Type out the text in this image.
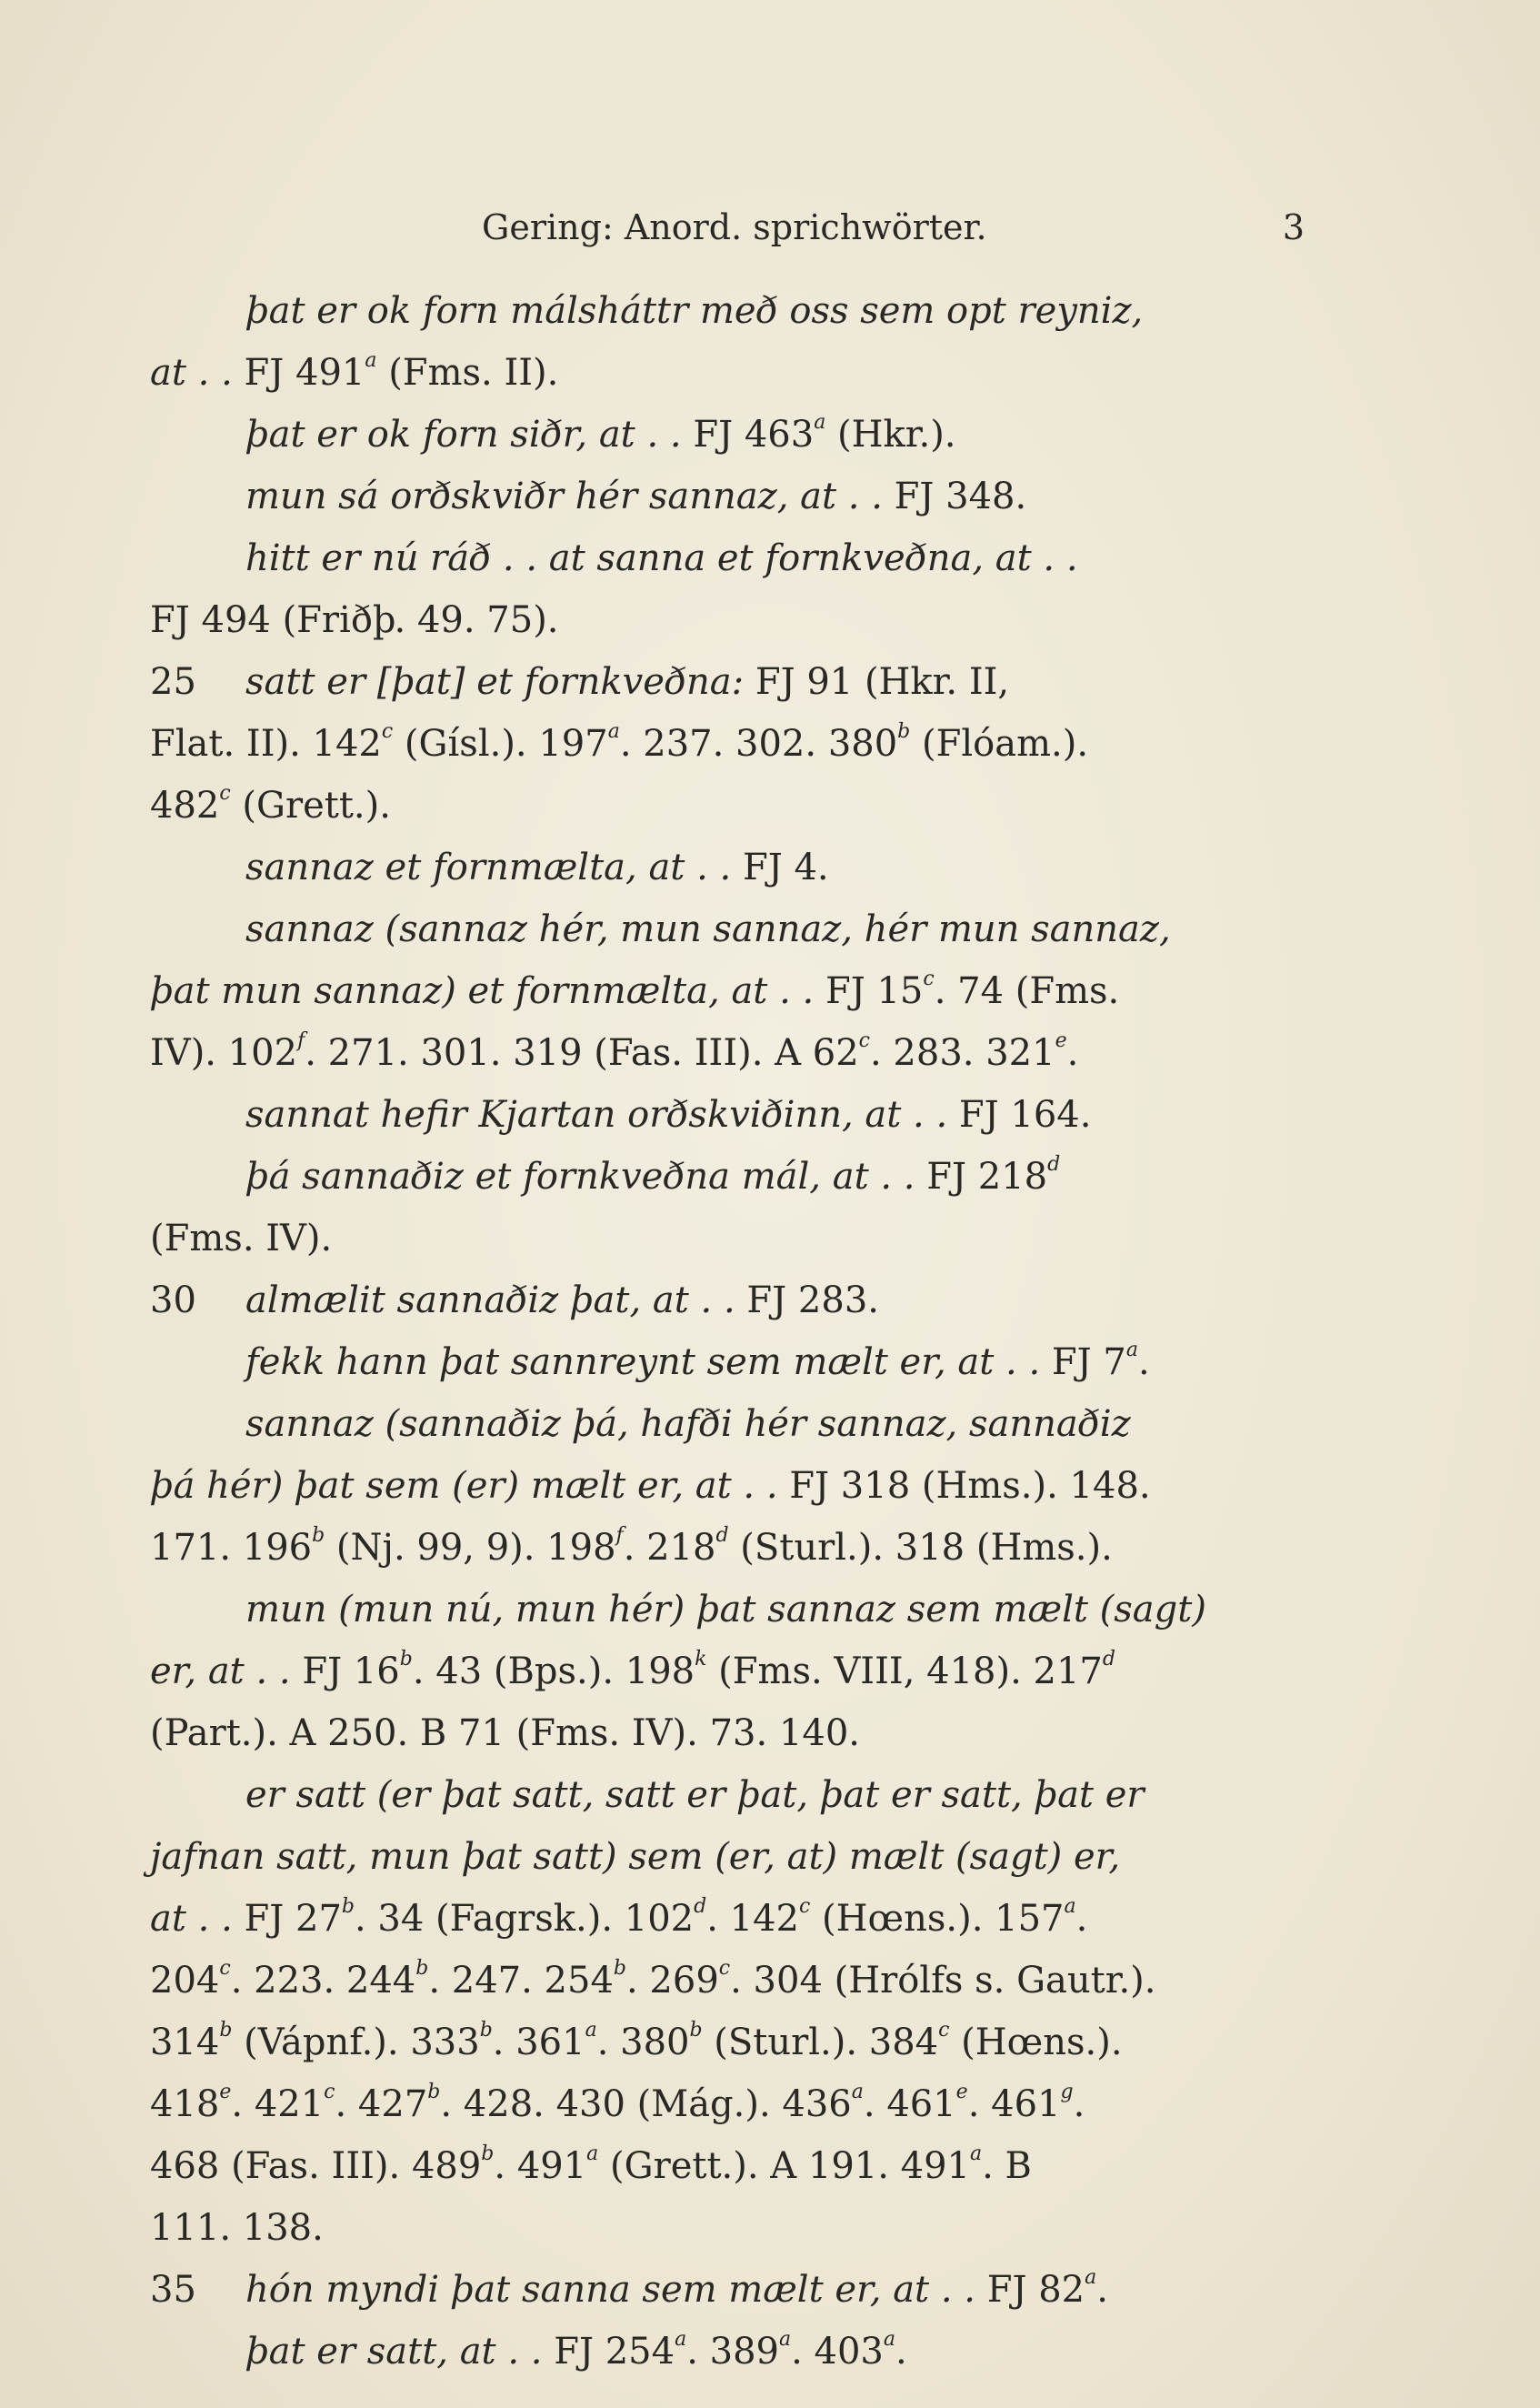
Gering: Anord. sprichwörter.	3
þat er ok forn málsháttr með oss sem opt reyniz,
at . . FJ 491$^a$ (Fms. II).
þat er ok forn siðr, at . . FJ 463$^a$ (Hkr.).
mun sá orðskviðr hér sannaz, at . . FJ 348.
hitt er nú ráð . . at sanna et fornkveðna, at . .
FJ 494 (Friðþ. 49. 75).
25 satt er [þat] et fornkveðna: FJ 91 (Hkr. II,
Flat. II). 142$^c$ (Gísl.). 197$^a$. 237. 302. 380$^b$ (Flóam.).
482$^c$ (Grett.).
sannaz et fornmælta, at . . FJ 4.
sannaz (sannaz hér, mun sannaz, hér mun sannaz,
þat mun sannaz) et fornmælta, at . . FJ 15$^c$. 74 (Fms.
IV). 102$^f$. 271. 301. 319 (Fas. III). A 62$^c$. 283. 321e.
sannat hefir Kjartan orðskviðinn, at . . FJ 164.
þá sannaðiz et fornkveðna mál, at . . FJ 218$^d$
(Fms. IV).
30 almælit sannaðiz þat, at . . FJ 283.
fekk hann þat sannreynt sem mælt er, at . . FJ 7$^a$.
sannaz (sannaðiz þá, hafði hér sannaz, sannaðiz
þá hér) þat sem (er) mælt er, at . . FJ 318 (Hms.). 148.
171. 196$^b$ (Nj. 99, 9). 198$^f$. 218$^d$ (Sturl.). 318 (Hms.).
mun (mun nú, mun hér) þat sannaz sem mælt (sagt)
er, at . . FJ 16$^b$. 43 (Bps.). 198$^k$ (Fms. VIII, 418). 217$^d$
(Part.). A 250. B 71 (Fms. IV). 73. 140.
er satt (er þat satt, satt er þat, þat er satt, þat er
jafnan satt, mun þat satt) sem (er, at) mælt (sagt) er,
at . . FJ 27$^b$. 34 (Fagrsk.). 102$^d$. 142$^c$ (Hœns.). 157$^a$.
204$^c$. 223. 244$^b$. 247. 254$^b$. 269$^c$. 304 (Hrólfs s. Gautr.).
314$^b$ (Vápnf.). 333$^b$. 361$^a$. 380$^b$ (Sturl.). 384$^c$ (Hœns.).
418e. 421$^c$. 427$^b$. 428. 430 (Mág.). 436$^a$. 461e. 461$^g$.
468 (Fas. III). 489$^b$. 491$^a$ (Grett.). A 191. 491$^a$. B
111. 138.
35 hón myndi þat sanna sem mælt er, at . . FJ 82$^a$.
þat er satt, at . . FJ 254$^a$. 389$^a$. 403$^a$.
